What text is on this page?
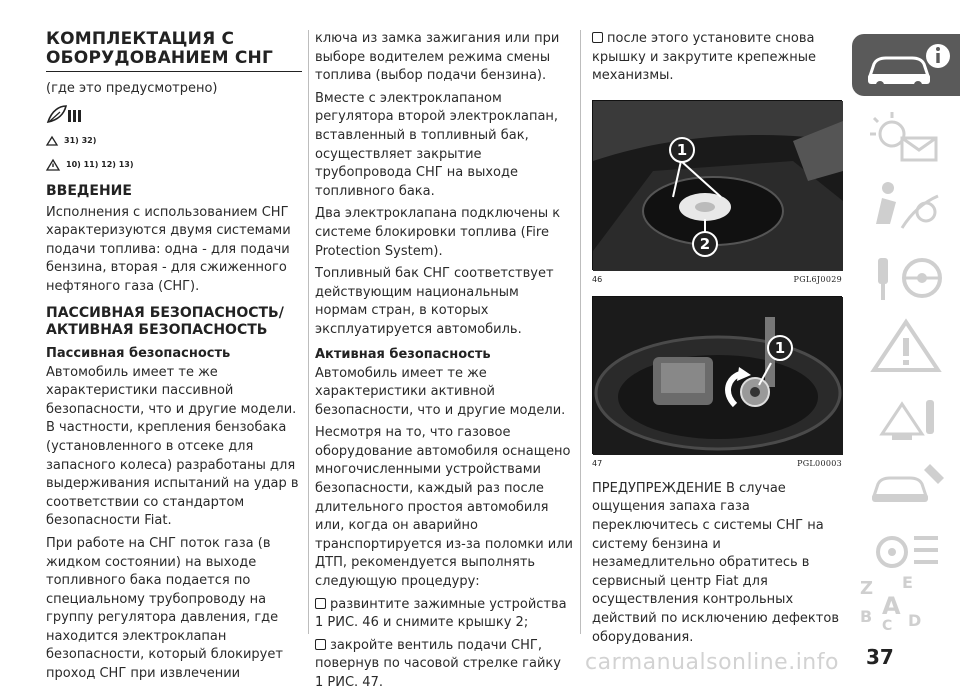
КОМПЛЕКТАЦИЯ С
ОБОРУДОВАНИЕМ СНГ

(где это предусмотрено)

31) 32)
10) 11) 12) 13)
ВВЕДЕНИЕ

Исполнения с использованием СНГ характеризуются двумя системами подачи топлива: одна - для подачи бензина, вторая - для сжиженного нефтяного газа (СНГ).

ПАССИВНАЯ БЕЗОПАСНОСТЬ/
АКТИВНАЯ БЕЗОПАСНОСТЬ
Пассивная безопасность

Автомобиль имеет те же характеристики пассивной безопасности, что и другие модели. В частности, крепления бензобака (установленного в отсеке для запасного колеса) разработаны для выдерживания испытаний на удар в соответствии со стандартом безопасности Fiat.

При работе на СНГ поток газа (в жидком состоянии) на выходе топливного бака подается по специальному трубопроводу на группу регулятора давления, где находится электроклапан безопасности, который блокирует проход СНГ при извлечении

ключа из замка зажигания или при выборе водителем режима смены топлива (выбор подачи бензина).

Вместе с электроклапаном регулятора второй электроклапан, вставленный в топливный бак, осуществляет закрытие трубопровода СНГ на выходе топливного бака.

Два электроклапана подключены к системе блокировки топлива (Fire Protection System).

Топливный бак СНГ соответствует действующим национальным нормам стран, в которых эксплуатируется автомобиль.

Активная безопасность

Автомобиль имеет те же характеристики активной безопасности, что и другие модели.

Несмотря на то, что газовое оборудование автомобиля оснащено многочисленными устройствами безопасности, каждый раз после длительного простоя автомобиля или, когда он аварийно транспортируется из-за поломки или ДТП, рекомендуется выполнять следующую процедуру:

развинтите зажимные устройства 1 РИС. 46 и снимите крышку 2;

закройте вентиль подачи СНГ, повернув по часовой стрелке гайку 1 РИС. 47.

после этого установите снова крышку и закрутите крепежные механизмы.

1
2
46	PGL6J0029
1
47	PGL00003

ПРЕДУПРЕЖДЕНИЕ В случае ощущения запаха газа переключитесь с системы СНГ на систему бензина и незамедлительно обратитесь в сервисный центр Fiat для осуществления контрольных действий по исключению дефектов оборудования.

Z E
B A
C D
carmanualsonline.info 37
